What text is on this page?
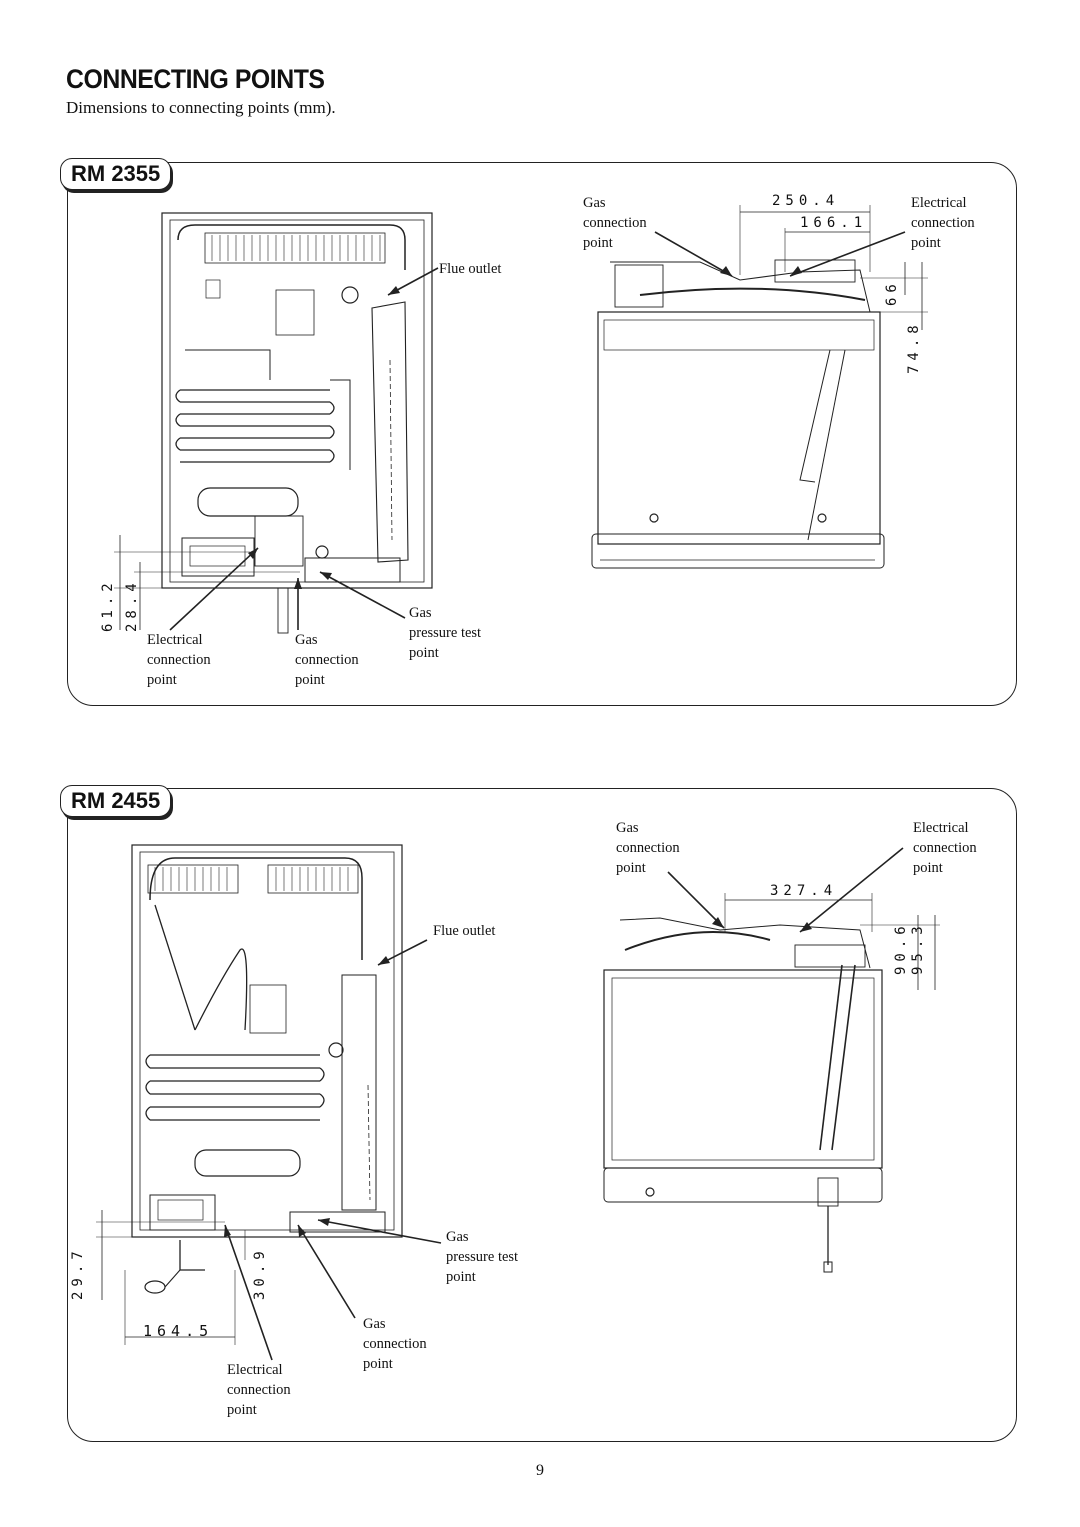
CONNECTING POINTS
Dimensions to connecting points (mm).
RM 2355
Gas
connection
point
Electrical
connection
point
Flue outlet
Electrical
connection
point
Gas
connection
point
Gas
pressure test
point
250.4
166.1
66
74.8
61.2 28.4
RM 2455
Gas
connection
point
Electrical
connection
point
Flue outlet
Gas
pressure test
point
Gas
connection
point
Electrical
connection
point
327.4
90.6 95.3
29.7	30.9
164.5
9
